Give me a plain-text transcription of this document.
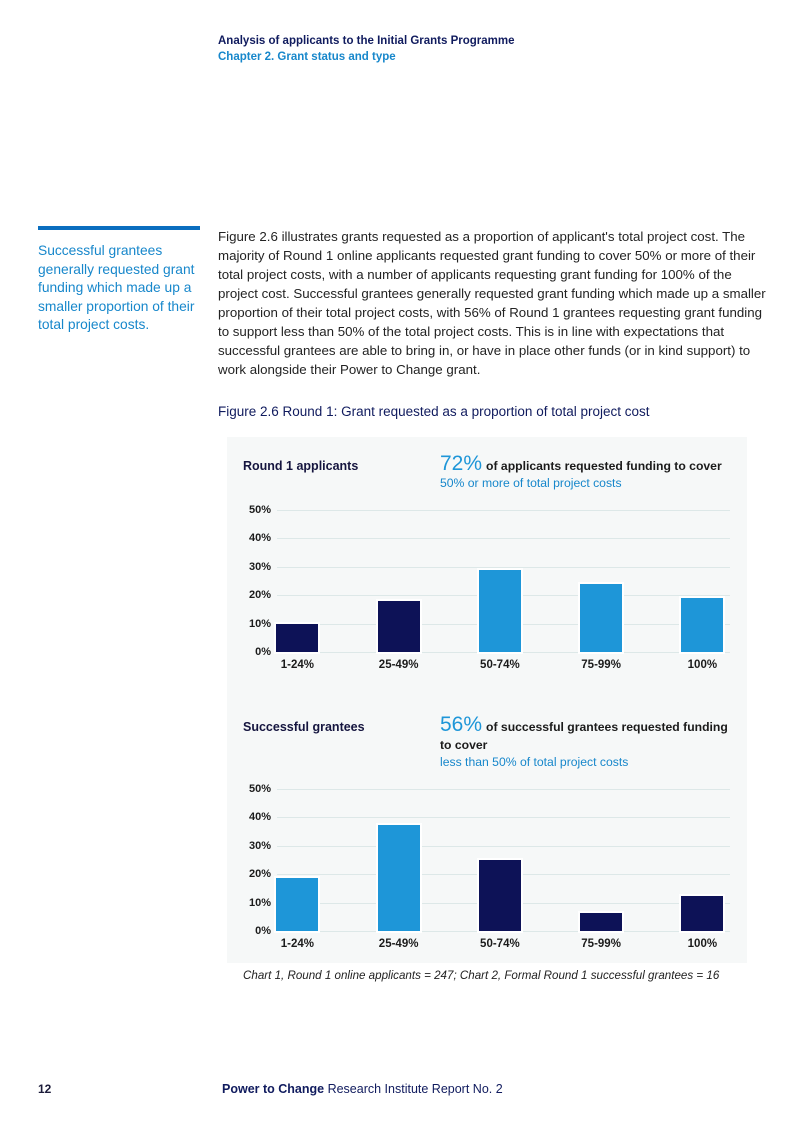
Analysis of applicants to the Initial Grants Programme
Chapter 2. Grant status and type
Successful grantees generally requested grant funding which made up a smaller proportion of their total project costs.
Figure 2.6 illustrates grants requested as a proportion of applicant's total project cost. The majority of Round 1 online applicants requested grant funding to cover 50% or more of their total project costs, with a number of applicants requesting grant funding for 100% of the project cost. Successful grantees generally requested grant funding which made up a smaller proportion of their total project costs, with 56% of Round 1 grantees requesting grant funding to support less than 50% of the total project costs. This is in line with expectations that successful grantees are able to bring in, or have in place other funds (or in kind support) to work alongside their Power to Change grant.
Figure 2.6 Round 1: Grant requested as a proportion of total project cost
Round 1 applicants	72% of applicants requested funding to cover
50% or more of total project costs
0%
10%
20%
30%
40%
50%
1-24%	25-49%	50-74%	75-99%	100%
Successful grantees	56% of successful grantees requested funding to cover
less than 50% of total project costs
0%
10%
20%
30%
40%
50%
1-24%	25-49%	50-74%	75-99%	100%
Chart 1, Round 1 online applicants = 247; Chart 2, Formal Round 1 successful grantees = 16
12	Power to Change Research Institute Report No. 2
